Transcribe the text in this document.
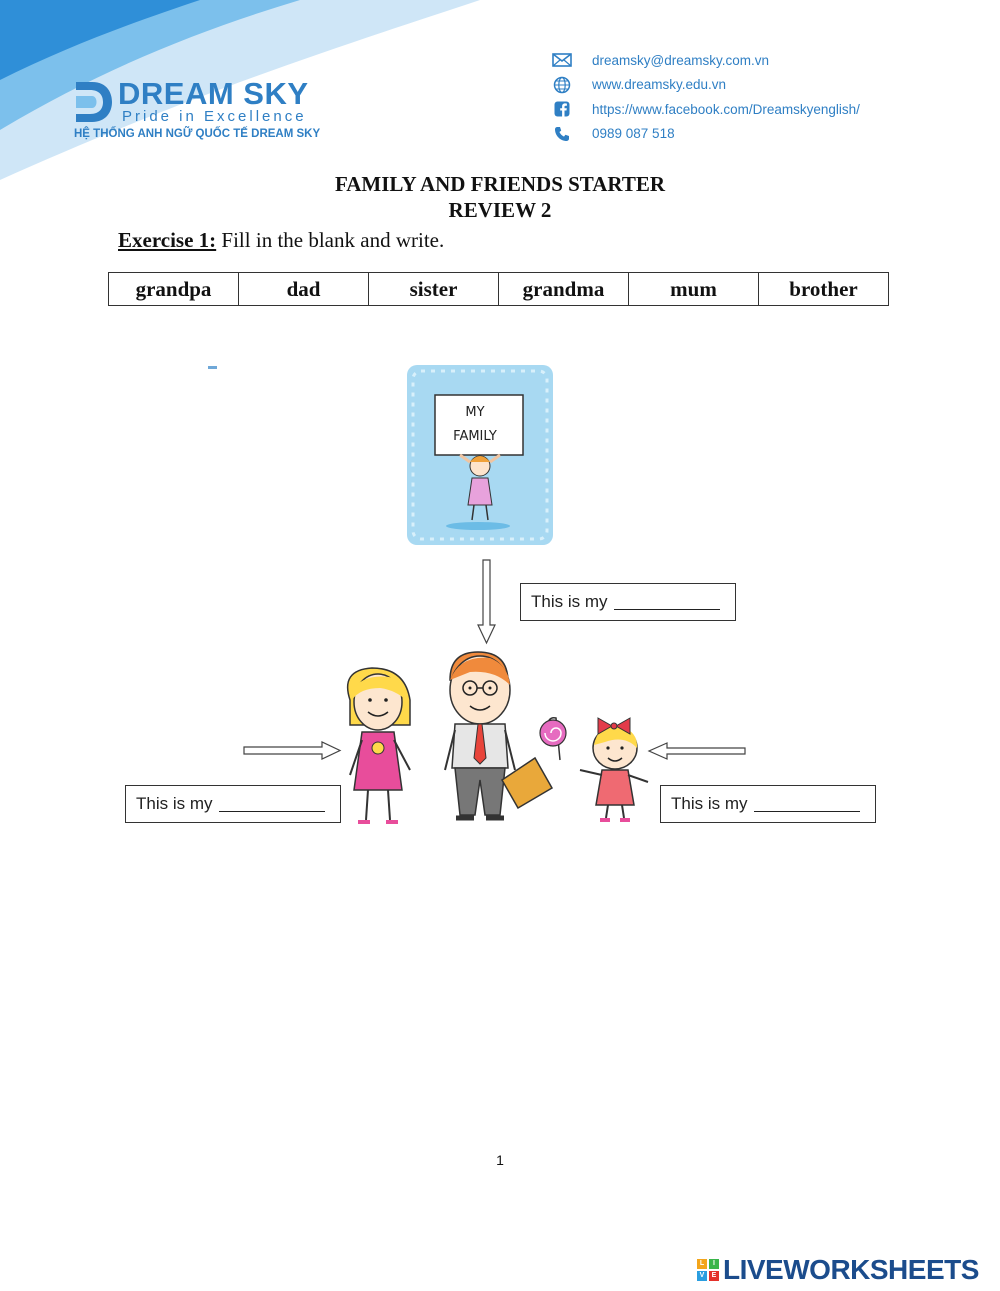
DREAM SKY
Pride in Excellence
HỆ THỐNG ANH NGỮ QUỐC TẾ DREAM SKY
dreamsky@dreamsky.com.vn
www.dreamsky.edu.vn
https://www.facebook.com/Dreamskyenglish/
0989 087 518
FAMILY AND FRIENDS STARTER
REVIEW 2
Exercise 1: Fill in the blank and write.
grandpa	dad	sister	grandma	mum	brother
MY
FAMILY
This is my
This is my	This is my
1
L	I
V	E LIVEWORKSHEETS
